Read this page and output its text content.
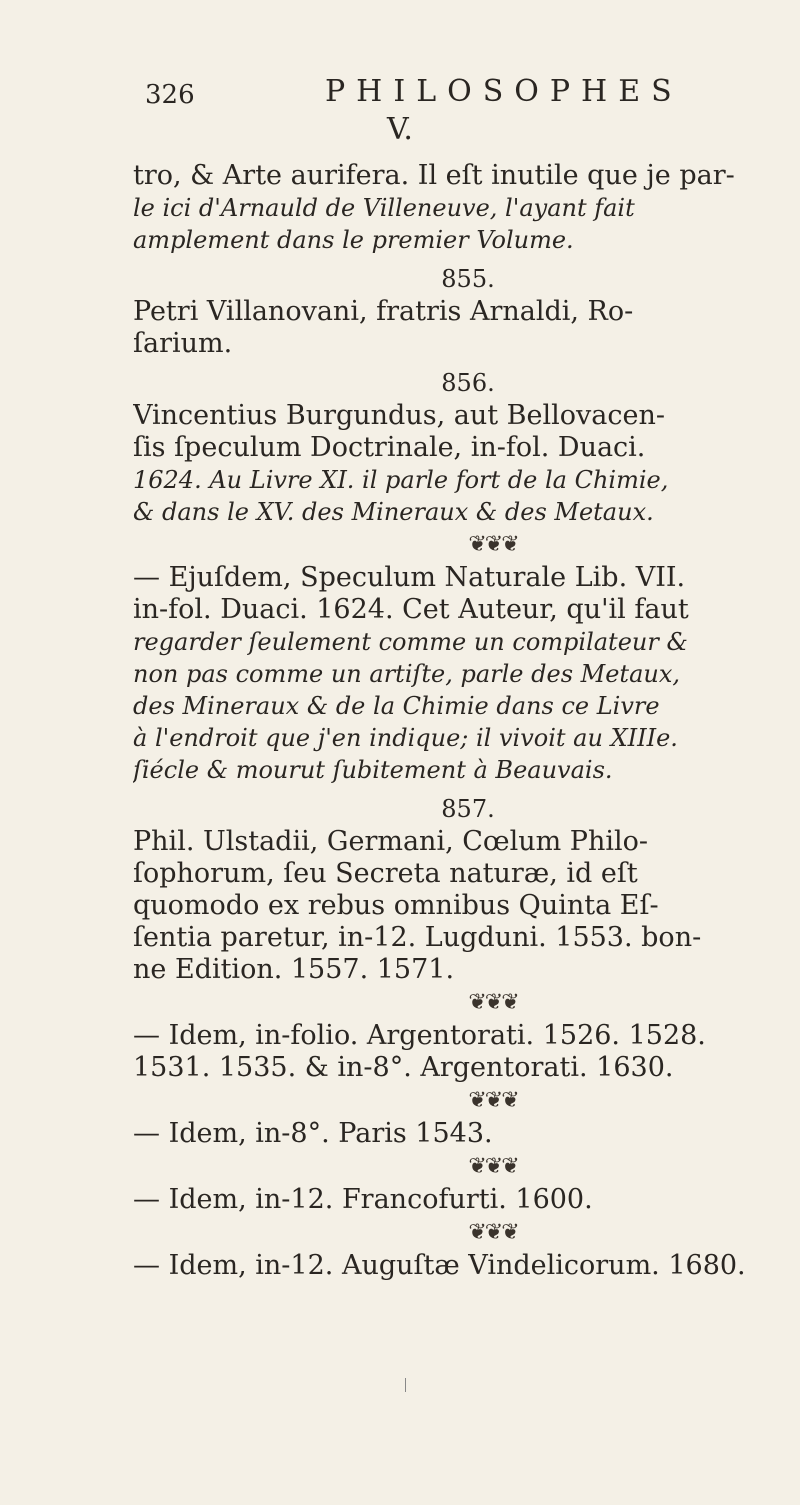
326	PHILOSOPHES
V.
tro, & Arte aurifera. Il eſt inutile que je par-
le ici d'Arnauld de Villeneuve, l'ayant fait
amplement dans le premier Volume.
855.
Petri Villanovani, fratris Arnaldi, Ro-
ſarium.
856.
Vincentius Burgundus, aut Bellovacen-
ſis ſpeculum Doctrinale, in-fol. Duaci.
1624. Au Livre XI. il parle fort de la Chimie,
& dans le XV. des Mineraux & des Metaux.
❦❦❦
— Ejuſdem, Speculum Naturale Lib. VII.
in-fol. Duaci. 1624. Cet Auteur, qu'il faut
regarder ſeulement comme un compilateur &
non pas comme un artiſte, parle des Metaux,
des Mineraux & de la Chimie dans ce Livre
à l'endroit que j'en indique; il vivoit au XIIIe.
ſiécle & mourut ſubitement à Beauvais.
857.
Phil. Ulstadii, Germani, Cœlum Philo-
ſophorum, ſeu Secreta naturæ, id eſt
quomodo ex rebus omnibus Quinta Eſ-
ſentia paretur, in-12. Lugduni. 1553. bon-
ne Edition. 1557. 1571.
❦❦❦
— Idem, in-folio. Argentorati. 1526. 1528.
1531. 1535. & in-8°. Argentorati. 1630.
❦❦❦
— Idem, in-8°. Paris 1543.
❦❦❦
— Idem, in-12. Francofurti. 1600.
❦❦❦
— Idem, in-12. Auguſtæ Vindelicorum. 1680.
